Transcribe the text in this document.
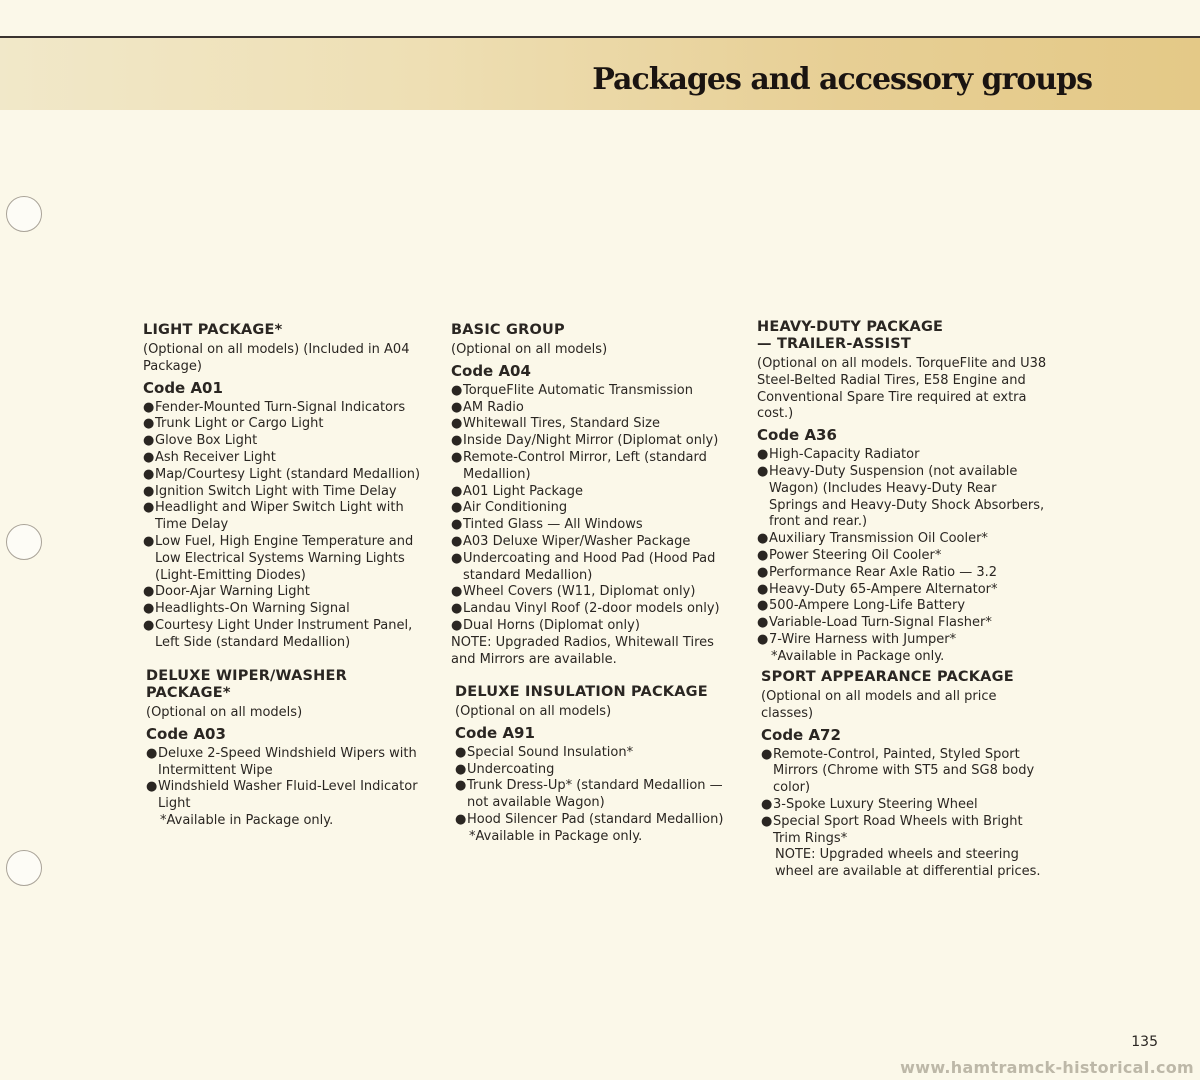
Packages and accessory groups
LIGHT PACKAGE*

(Optional on all models) (Included in A04 Package)

Code A01
● Fender-Mounted Turn-Signal Indicators
● Trunk Light or Cargo Light
● Glove Box Light
● Ash Receiver Light
● Map/Courtesy Light (standard Medallion)
● Ignition Switch Light with Time Delay
● Headlight and Wiper Switch Light with Time Delay
● Low Fuel, High Engine Temperature and Low Electrical Systems Warning Lights (Light-Emitting Diodes)
● Door-Ajar Warning Light
● Headlights-On Warning Signal
● Courtesy Light Under Instrument Panel, Left Side (standard Medallion)
DELUXE WIPER/WASHER PACKAGE*

(Optional on all models)

Code A03
● Deluxe 2-Speed Windshield Wipers with Intermittent Wipe
● Windshield Washer Fluid-Level Indicator Light
*Available in Package only.
BASIC GROUP

(Optional on all models)

Code A04
● TorqueFlite Automatic Transmission
● AM Radio
● Whitewall Tires, Standard Size
● Inside Day/Night Mirror (Diplomat only)
● Remote-Control Mirror, Left (standard Medallion)
● A01 Light Package
● Air Conditioning
● Tinted Glass — All Windows
● A03 Deluxe Wiper/Washer Package
● Undercoating and Hood Pad (Hood Pad standard Medallion)
● Wheel Covers (W11, Diplomat only)
● Landau Vinyl Roof (2-door models only)
● Dual Horns (Diplomat only)
NOTE: Upgraded Radios, Whitewall Tires and Mirrors are available.
DELUXE INSULATION PACKAGE

(Optional on all models)

Code A91
● Special Sound Insulation*
● Undercoating
● Trunk Dress-Up* (standard Medallion — not available Wagon)
● Hood Silencer Pad (standard Medallion)
*Available in Package only.
HEAVY-DUTY PACKAGE — TRAILER-ASSIST

(Optional on all models. TorqueFlite and U38 Steel-Belted Radial Tires, E58 Engine and Conventional Spare Tire required at extra cost.)

Code A36
● High-Capacity Radiator
● Heavy-Duty Suspension (not available Wagon) (Includes Heavy-Duty Rear Springs and Heavy-Duty Shock Absorbers, front and rear.)
● Auxiliary Transmission Oil Cooler*
● Power Steering Oil Cooler*
● Performance Rear Axle Ratio — 3.2
● Heavy-Duty 65-Ampere Alternator*
● 500-Ampere Long-Life Battery
● Variable-Load Turn-Signal Flasher*
● 7-Wire Harness with Jumper*
*Available in Package only.
SPORT APPEARANCE PACKAGE

(Optional on all models and all price classes)

Code A72
● Remote-Control, Painted, Styled Sport Mirrors (Chrome with ST5 and SG8 body color)
● 3-Spoke Luxury Steering Wheel
● Special Sport Road Wheels with Bright Trim Rings*
NOTE: Upgraded wheels and steering wheel are available at differential prices.
135
www.hamtramck-historical.com
